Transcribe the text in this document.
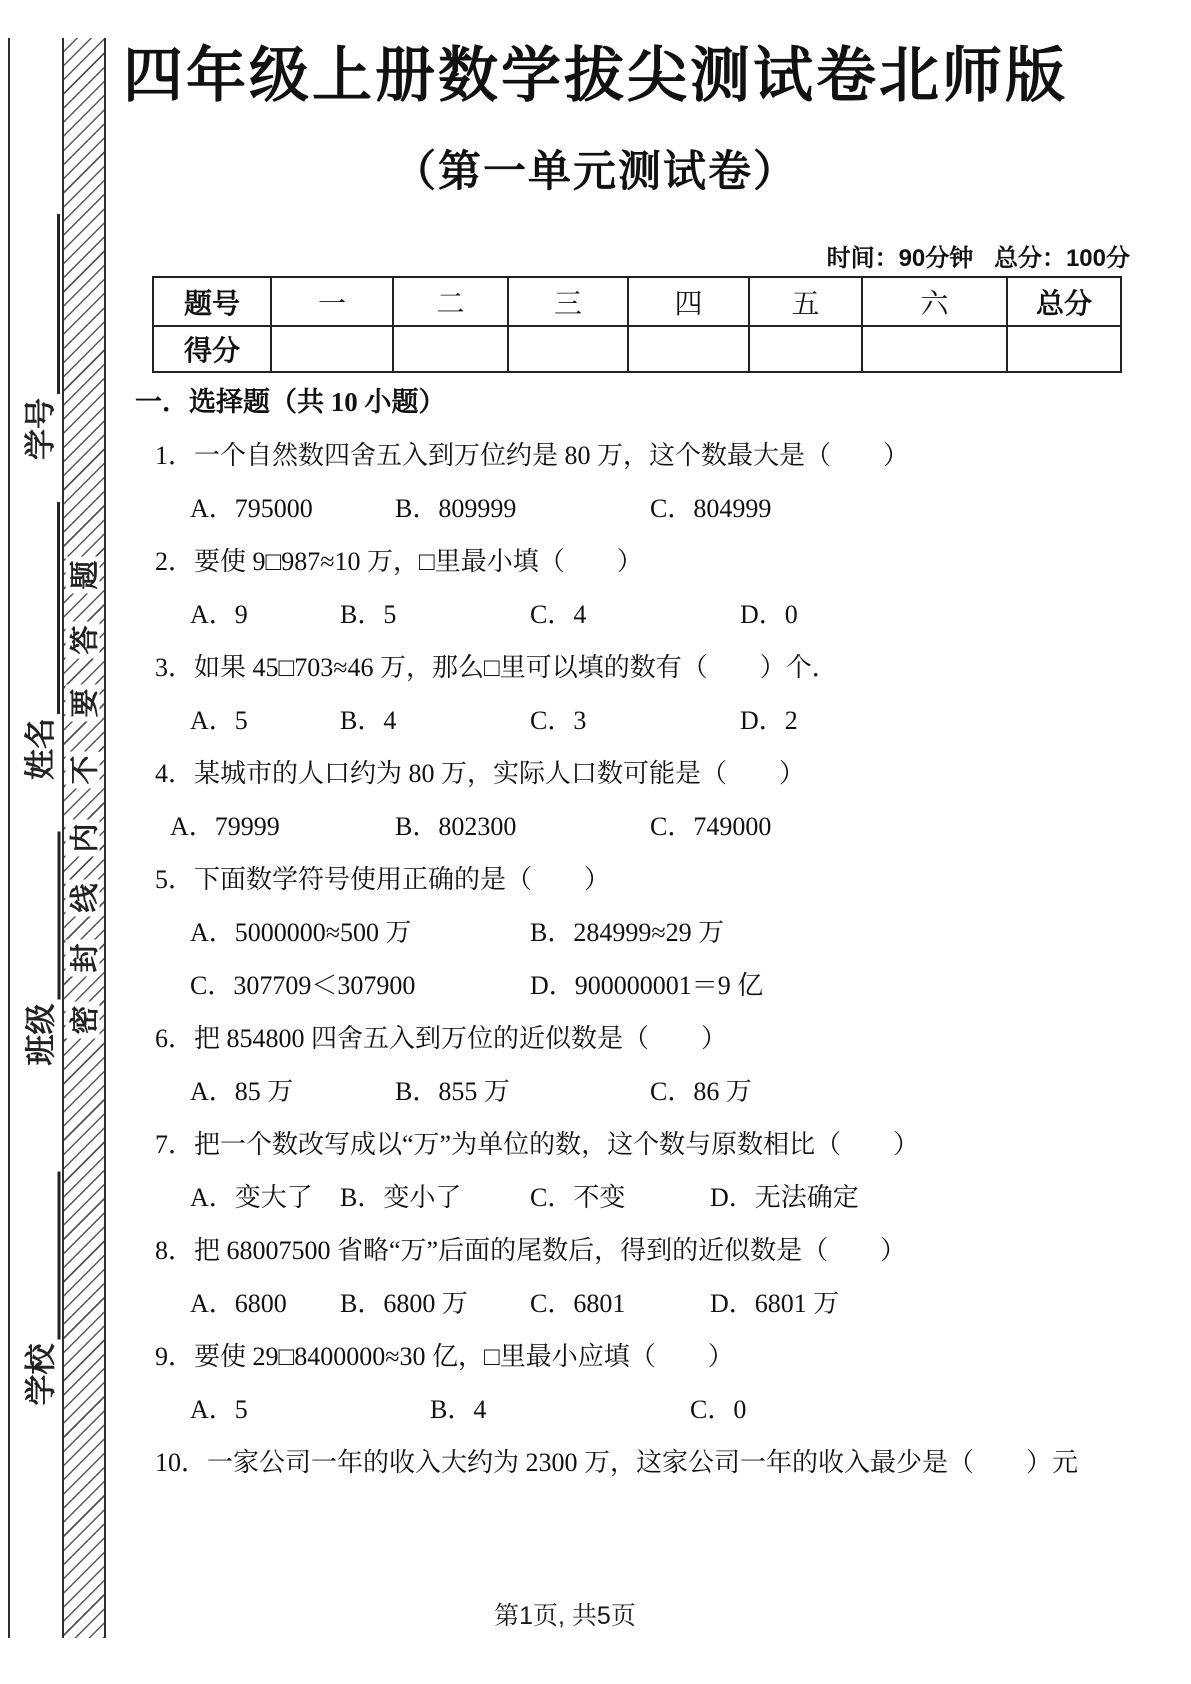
题
答
要
不
内
线
封
密
学号
姓名
班级
学校
四年级上册数学拔尖测试卷北师版
（第一单元测试卷）
时间：90分钟 总分：100分
题号	一	二	三	四	五	六	总分
得分							
一．选择题（共 10 小题）
1．一个自然数四舍五入到万位约是 80 万，这个数最大是（　　）
A．795000	B．809999	C．804999
2．要使 9□987≈10 万，□里最小填（　　）
A．9	B．5	C．4	D．0
3．如果 45□703≈46 万，那么□里可以填的数有（　　）个．
A．5	B．4	C．3	D．2
4．某城市的人口约为 80 万，实际人口数可能是（　　）
A．79999	B．802300	C．749000
5．下面数学符号使用正确的是（　　）
A．5000000≈500 万	B．284999≈29 万
C．307709＜307900	D．900000001＝9 亿
6．把 854800 四舍五入到万位的近似数是（　　）
A．85 万	B．855 万	C．86 万
7．把一个数改写成以“万”为单位的数，这个数与原数相比（　　）
A．变大了	B．变小了	C．不变	D．无法确定
8．把 68007500 省略“万”后面的尾数后，得到的近似数是（　　）
A．6800	B．6800 万	C．6801	D．6801 万
9．要使 29□8400000≈30 亿，□里最小应填（　　）
A．5	B．4	C．0
10．一家公司一年的收入大约为 2300 万，这家公司一年的收入最少是（　　）元
第1页, 共5页
